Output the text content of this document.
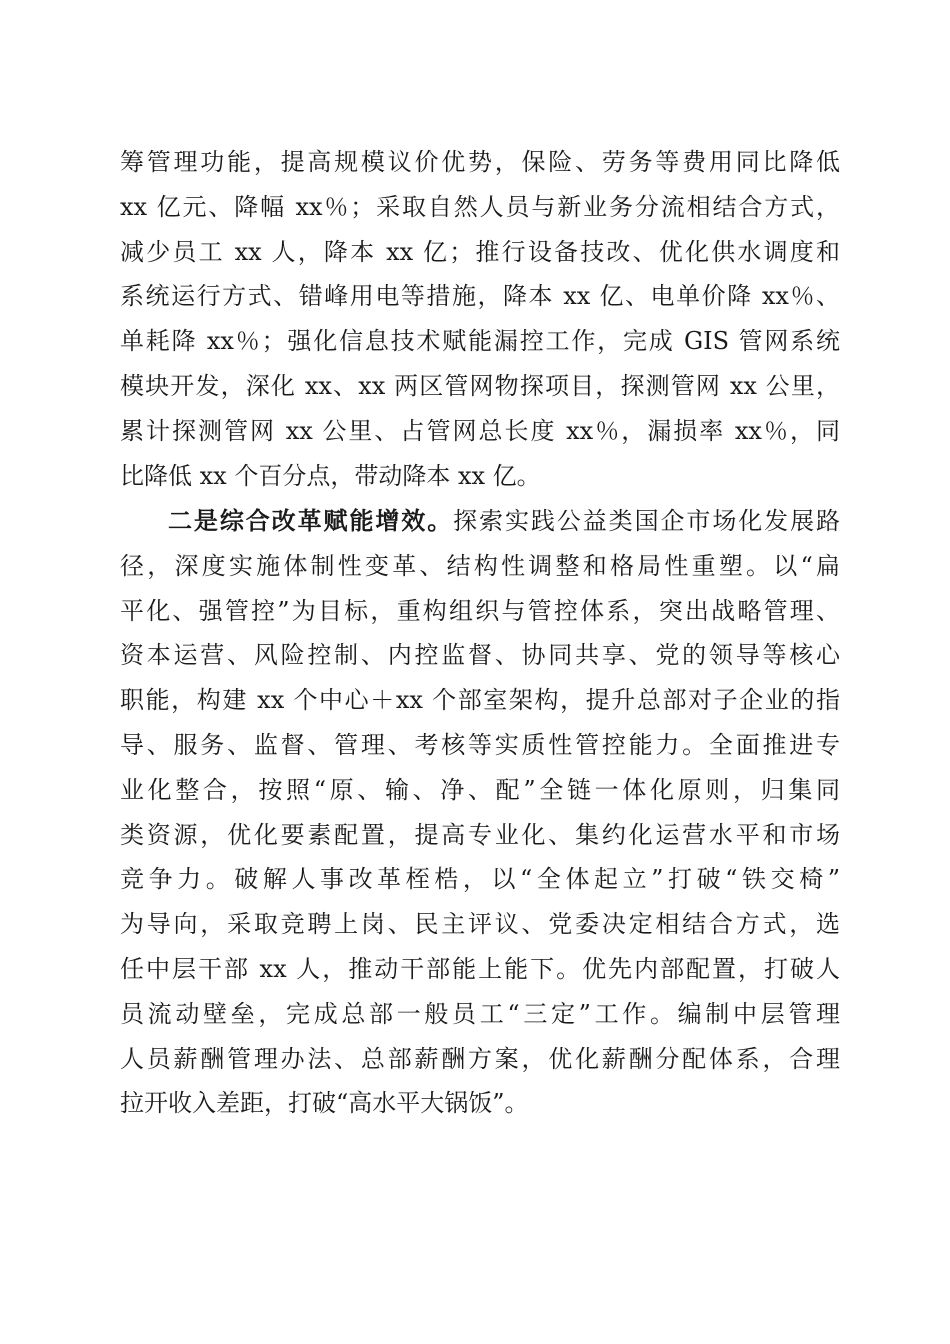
筹管理功能，提高规模议价优势，保险、劳务等费用同比降低
xx 亿元、降幅 xx％；采取自然人员与新业务分流相结合方式，
减少员工 xx 人，降本 xx 亿；推行设备技改、优化供水调度和
系统运行方式、错峰用电等措施，降本 xx 亿、电单价降 xx％、
单耗降 xx％；强化信息技术赋能漏控工作，完成 GIS 管网系统
模块开发，深化 xx、xx 两区管网物探项目，探测管网 xx 公里，
累计探测管网 xx 公里、占管网总长度 xx％，漏损率 xx％，同
比降低 xx 个百分点，带动降本 xx 亿。
二是综合改革赋能增效。探索实践公益类国企市场化发展路
径，深度实施体制性变革、结构性调整和格局性重塑。以“扁
平化、强管控”为目标，重构组织与管控体系，突出战略管理、
资本运营、风险控制、内控监督、协同共享、党的领导等核心
职能，构建 xx 个中心＋xx 个部室架构，提升总部对子企业的指
导、服务、监督、管理、考核等实质性管控能力。全面推进专
业化整合，按照“原、输、净、配”全链一体化原则，归集同
类资源，优化要素配置，提高专业化、集约化运营水平和市场
竞争力。破解人事改革桎梏，以“全体起立”打破“铁交椅”
为导向，采取竞聘上岗、民主评议、党委决定相结合方式，选
任中层干部 xx 人，推动干部能上能下。优先内部配置，打破人
员流动壁垒，完成总部一般员工“三定”工作。编制中层管理
人员薪酬管理办法、总部薪酬方案，优化薪酬分配体系，合理
拉开收入差距，打破“高水平大锅饭”。
